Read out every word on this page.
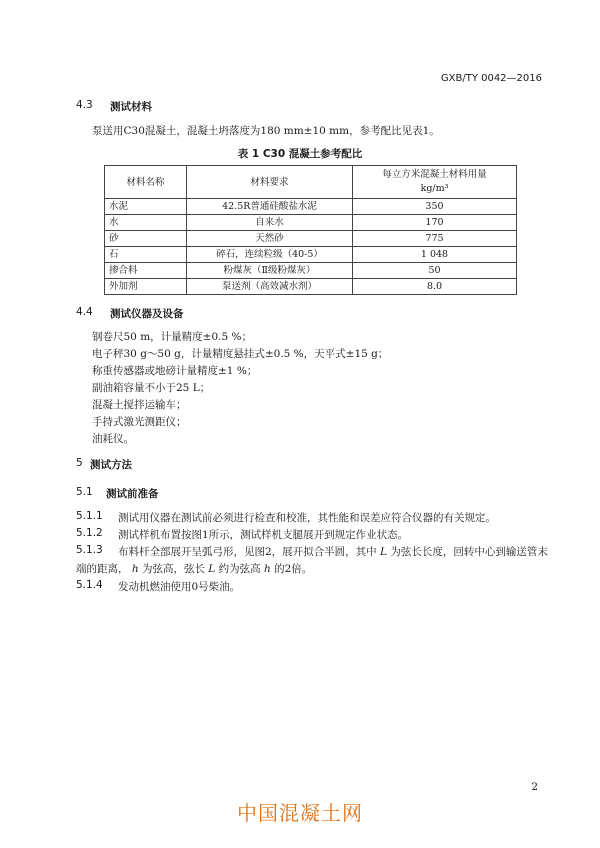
GXB/TY 0042—2016
4.3 测试材料
泵送用C30混凝土，混凝土坍落度为180 mm±10 mm，参考配比见表1。
表 1 C30 混凝土参考配比
材料名称	材料要求	每立方米混凝土材料用量
kg/m³
水泥	42.5R普通硅酸盐水泥	350
水	自来水	170
砂	天然砂	775
石	碎石，连续粒级（40-5）	1 048
掺合料	粉煤灰（Ⅱ级粉煤灰）	50
外加剂	泵送剂（高效减水剂）	8.0
4.4 测试仪器及设备
钢卷尺50 m，计量精度±0.5 %；
电子秤30 g～50 g，计量精度悬挂式±0.5 %，天平式±15 g；
称重传感器或地磅计量精度±1 %；
副油箱容量不小于25 L；
混凝土搅拌运输车；
手持式激光测距仪；
油耗仪。
5 测试方法
5.1 测试前准备
5.1.1 测试用仪器在测试前必须进行检查和校准，其性能和误差应符合仪器的有关规定。
5.1.2 测试样机布置按图1所示，测试样机支腿展开到规定作业状态。
5.1.3 布料杆全部展开呈弧弓形，见图2，展开拟合半圆，其中 L 为弦长长度，回转中心到输送管末
端的距离， h 为弦高，弦长 L 约为弦高 h 的2倍。
5.1.4 发动机燃油使用0号柴油。
2
中国混凝土网
